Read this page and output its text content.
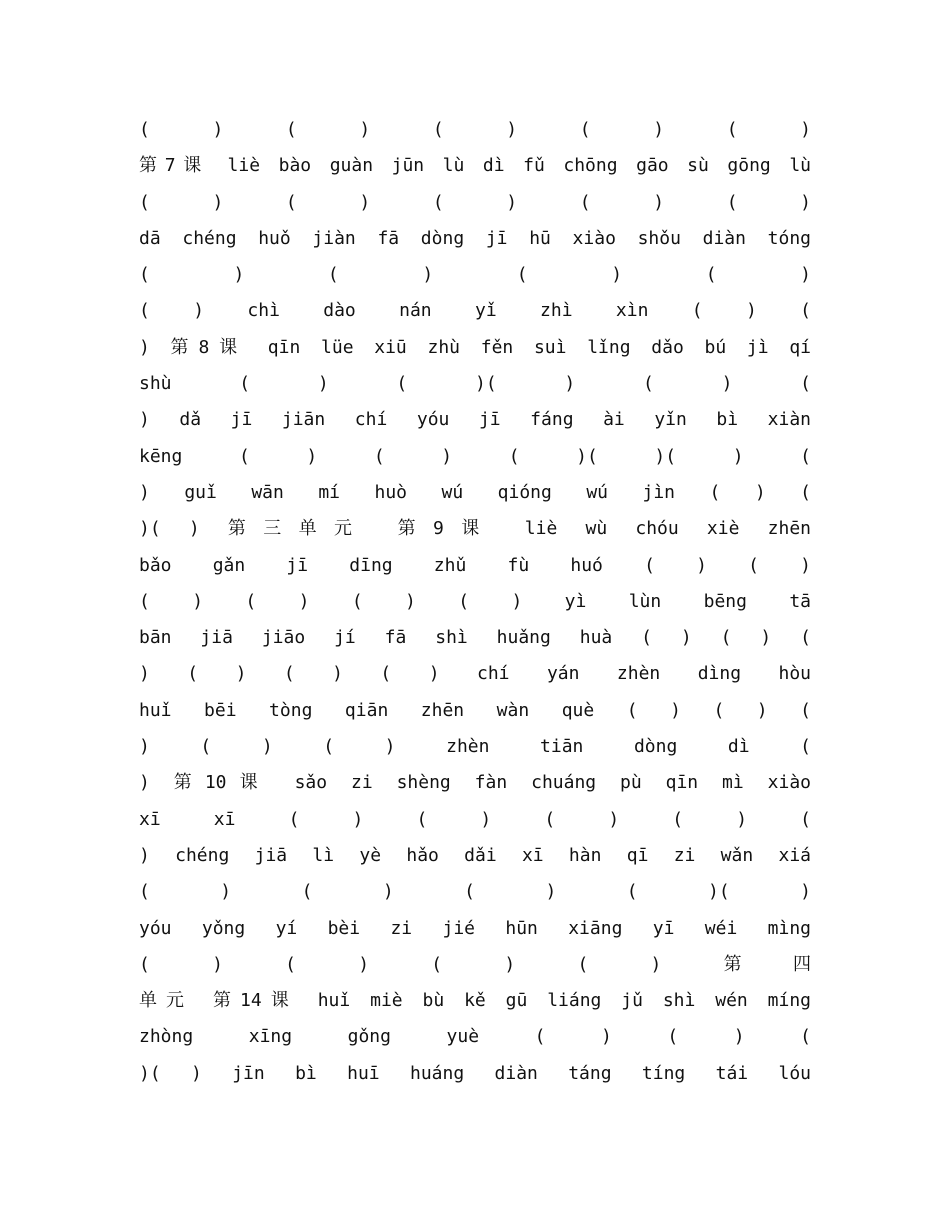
( ) ( ) ( ) ( ) ( )
第7课 liè bào guàn jūn lù dì fǔ chōng gāo sù gōng lù
( ) ( ) ( ) ( ) ( )
dā chéng huǒ jiàn fā dòng jī hū xiào shǒu diàn tóng
( ) ( ) ( ) ( )
( ) chì dào nán yǐ zhì xìn ( ) (
) 第8课 qīn lüe xiū zhù fěn suì lǐng dǎo bú jì qí
shù ( ) ( )( ) ( ) (
) dǎ jī jiān chí yóu jī fáng ài yǐn bì xiàn
kēng ( ) ( ) ( )( )( ) (
) guǐ wān mí huò wú qióng wú jìn ( ) (
)( ) 第三单元 第9课 liè wù chóu xiè zhēn
bǎo gǎn jī dīng zhǔ fù huó ( ) ( )
( ) ( ) ( ) ( ) yì lùn bēng tā
bān jiā jiāo jí fā shì huǎng huà ( ) ( ) (
) ( ) ( ) ( ) chí yán zhèn dìng hòu
huǐ bēi tòng qiān zhēn wàn què ( ) ( ) (
) ( ) ( ) zhèn tiān dòng dì (
) 第10课 sǎo zi shèng fàn chuáng pù qīn mì xiào
xī xī ( ) ( ) ( ) ( ) (
) chéng jiā lì yè hǎo dǎi xī hàn qī zi wǎn xiá
( ) ( ) ( ) ( )( )
yóu yǒng yí bèi zi jié hūn xiāng yī wéi mìng
( ) ( ) ( ) ( ) 第四
单元 第14课 huǐ miè bù kě gū liáng jǔ shì wén míng
zhòng xīng gǒng yuè ( ) ( ) (
)( ) jīn bì huī huáng diàn táng tíng tái lóu
